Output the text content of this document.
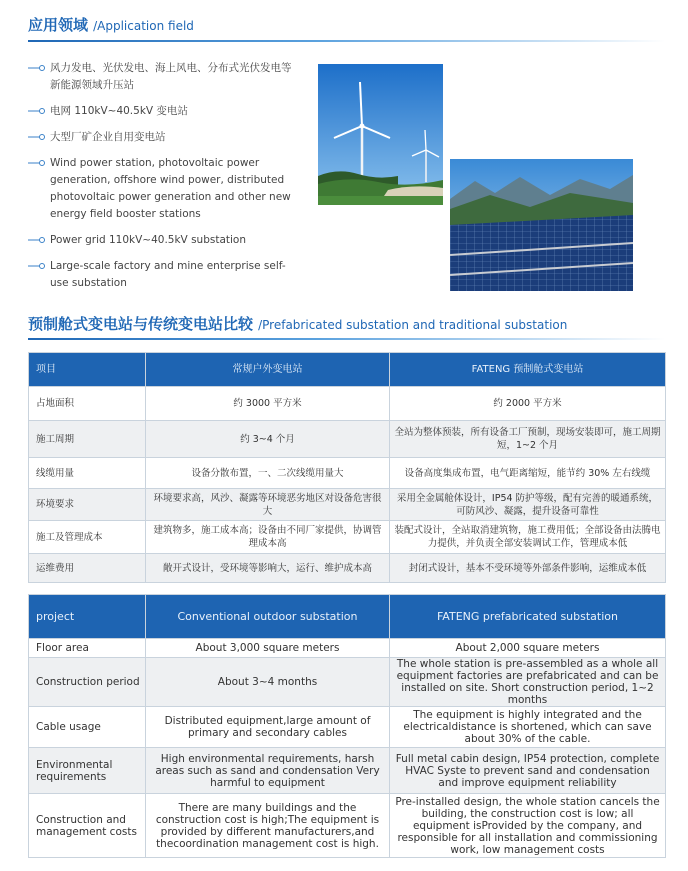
应用领域 /Application field
风力发电、光伏发电、海上风电、分布式光伏发电等新能源领域升压站
电网 110kV~40.5kV 变电站
大型厂矿企业自用变电站
Wind power station, photovoltaic power generation, offshore wind power, distributed photovoltaic power generation and other new energy field booster stations
Power grid 110kV~40.5kV substation
Large-scale factory and mine enterprise self-use substation
预制舱式变电站与传统变电站比较 /Prefabricated substation and traditional substation
项目	常规户外变电站	FATENG 预制舱式变电站
占地面积	约 3000 平方米	约 2000 平方米
施工周期	约 3~4 个月	全站为整体预装，所有设备工厂预制，现场安装即可，施工周期短，1~2 个月
线缆用量	设备分散布置，一、二次线缆用量大	设备高度集成布置，电气距离缩短，能节约 30% 左右线缆
环境要求	环境要求高，风沙、凝露等环境恶劣地区对设备危害很大	采用全金属舱体设计，IP54 防护等级，配有完善的暖通系统，可防风沙、凝露，提升设备可靠性
施工及管理成本	建筑物多，施工成本高；设备由不同厂家提供，协调管理成本高	装配式设计，全站取消建筑物，施工费用低；全部设备由法腾电力提供，并负责全部安装调试工作，管理成本低
运维费用	敞开式设计，受环境等影响大，运行、维护成本高	封闭式设计，基本不受环境等外部条件影响，运维成本低
project	Conventional outdoor substation	FATENG prefabricated substation
Floor area	About 3,000 square meters	About 2,000 square meters
Construction period	About 3~4 months	The whole station is pre-assembled as a whole all equipment factories are prefabricated and can be installed on site. Short construction period, 1~2 months
Cable usage	Distributed equipment,large amount of primary and secondary cables	The equipment is highly integrated and the electricaldistance is shortened, which can save about 30% of the cable.
Environmental requirements	High environmental requirements, harsh areas such as sand and condensation Very harmful to equipment	Full metal cabin design, IP54 protection, complete HVAC Syste to prevent sand and condensation and improve equipment reliability
Construction and management costs	There are many buildings and the construction cost is high;The equipment is provided by different manufacturers,and thecoordination management cost is high.	Pre-installed design, the whole station cancels the building, the construction cost is low; all equipment isProvided by the company, and responsible for all installation and commissioning work, low management costs
